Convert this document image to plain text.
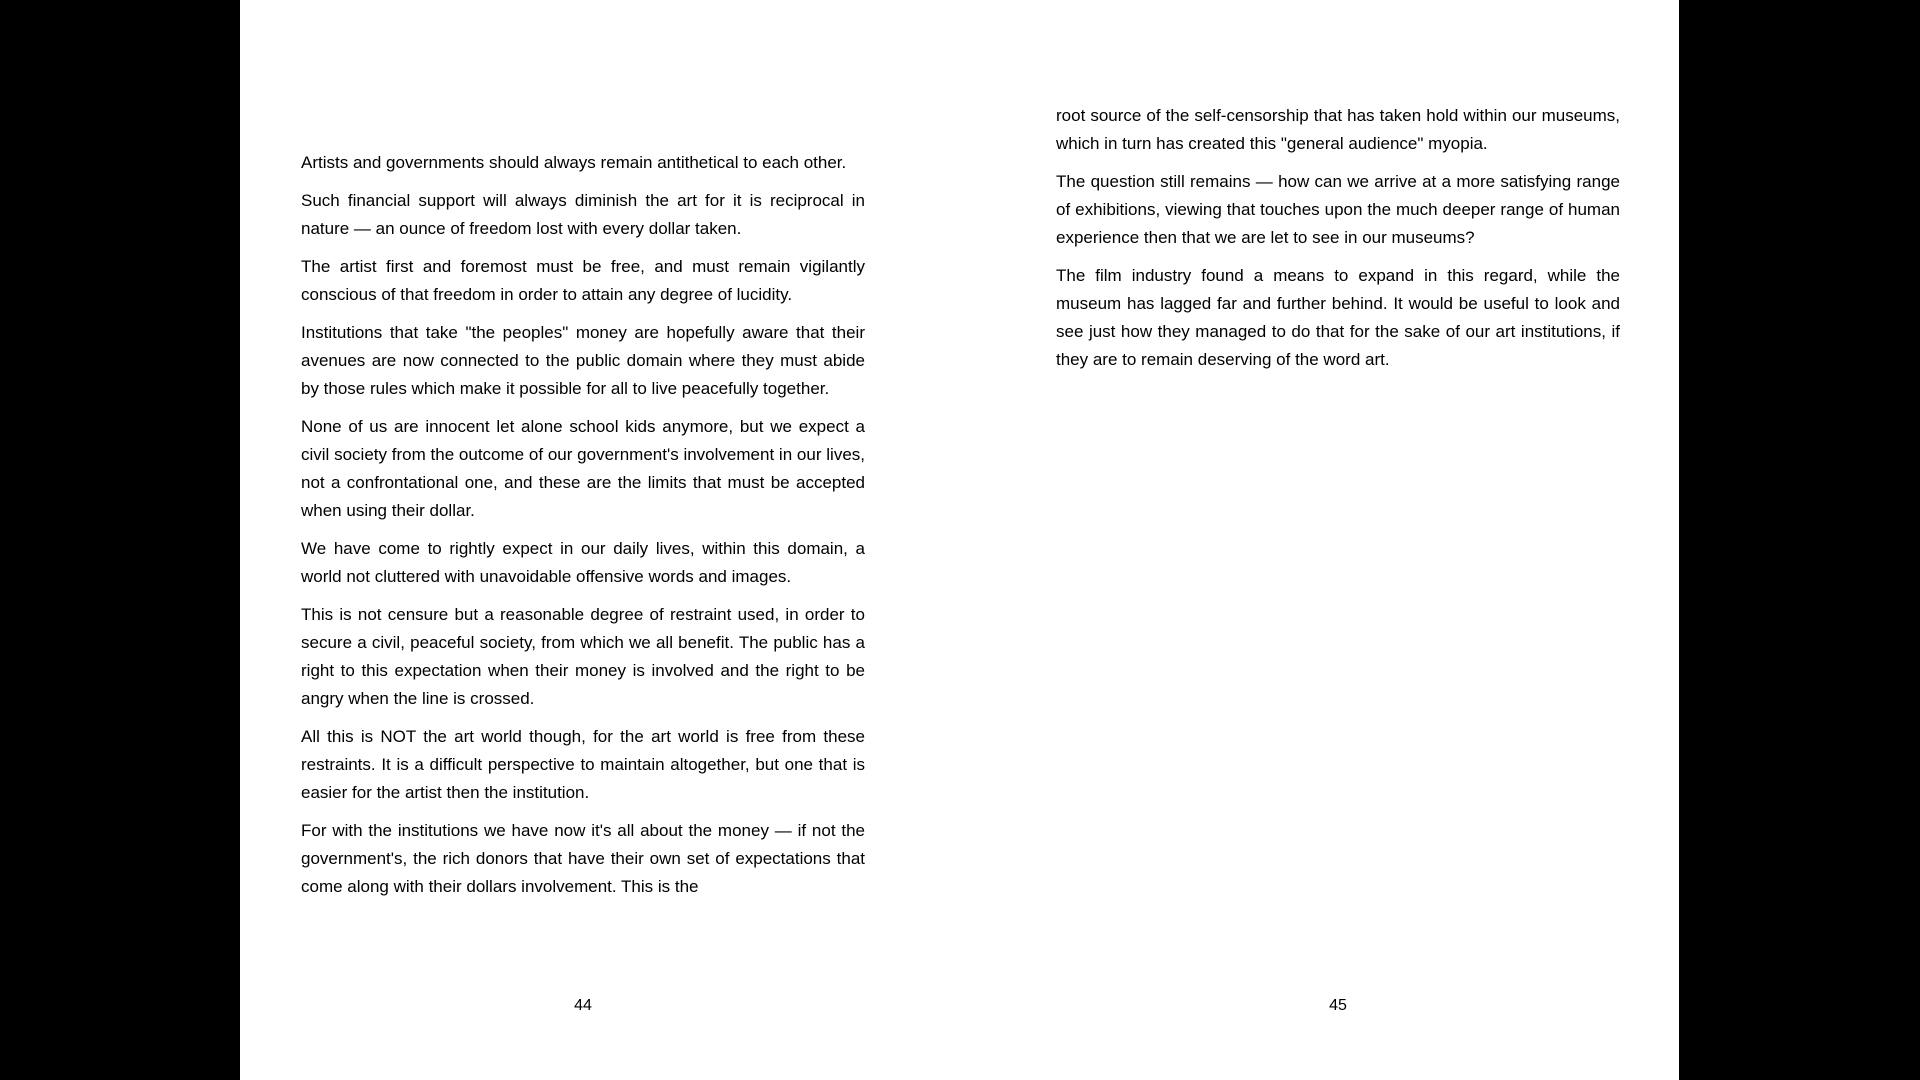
Artists and governments should always remain antithetical to each other.

Such financial support will always diminish the art for it is reciprocal in nature — an ounce of freedom lost with every dollar taken.

The artist first and foremost must be free, and must remain vigilantly conscious of that freedom in order to attain any degree of lucidity.

Institutions that take "the peoples" money are hopefully aware that their avenues are now connected to the public domain where they must abide by those rules which make it possible for all to live peacefully together.

None of us are innocent let alone school kids anymore, but we expect a civil society from the outcome of our government's involvement in our lives, not a confrontational one, and these are the limits that must be accepted when using their dollar.

We have come to rightly expect in our daily lives, within this domain, a world not cluttered with unavoidable offensive words and images.

This is not censure but a reasonable degree of restraint used, in order to secure a civil, peaceful society, from which we all benefit. The public has a right to this expectation when their money is involved and the right to be angry when the line is crossed.

All this is NOT the art world though, for the art world is free from these restraints. It is a difficult perspective to maintain altogether, but one that is easier for the artist then the institution.

For with the institutions we have now it's all about the money — if not the government's, the rich donors that have their own set of expectations that come along with their dollars involvement. This is the

44

root source of the self-censorship that has taken hold within our museums, which in turn has created this "general audience" myopia.

The question still remains — how can we arrive at a more satisfying range of exhibitions, viewing that touches upon the much deeper range of human experience then that we are let to see in our museums?

The film industry found a means to expand in this regard, while the museum has lagged far and further behind. It would be useful to look and see just how they managed to do that for the sake of our art institutions, if they are to remain deserving of the word art.

45
